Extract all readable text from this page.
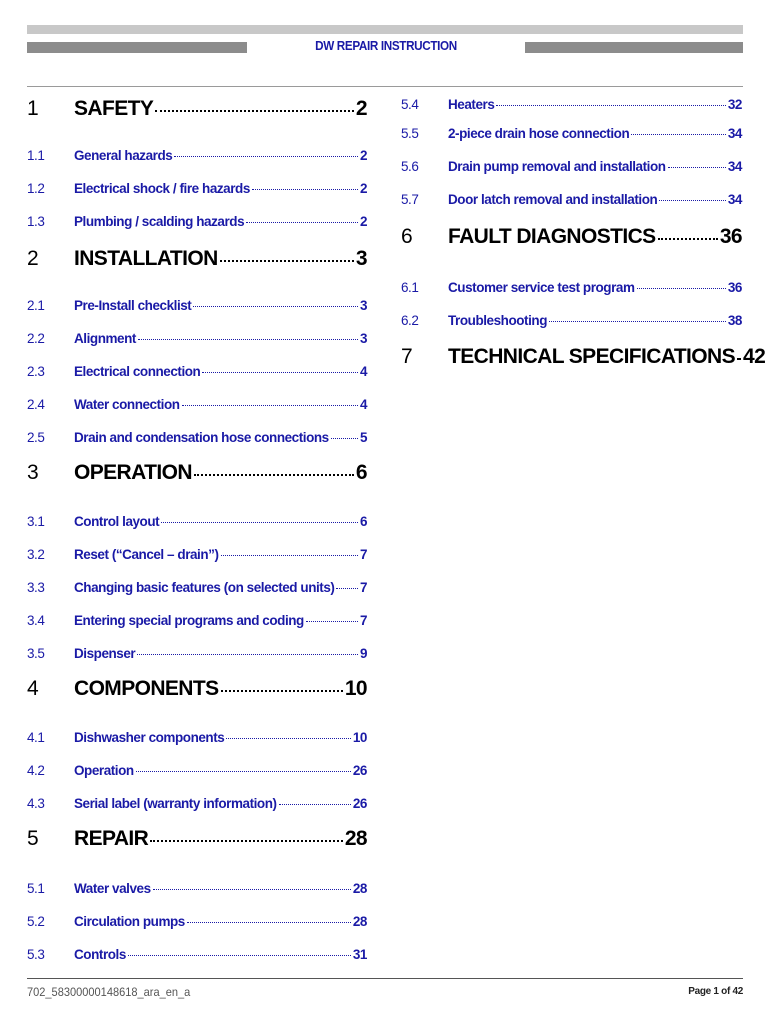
DW REPAIR INSTRUCTION
1	SAFETY	2
1.1	General hazards	2
1.2	Electrical shock / fire hazards	2
1.3	Plumbing / scalding hazards	2
2	INSTALLATION	3
2.1	Pre-Install checklist	3
2.2	Alignment	3
2.3	Electrical connection	4
2.4	Water connection	4
2.5	Drain and condensation hose connections 5
3	OPERATION	6
3.1	Control layout	6
3.2	Reset (“Cancel – drain”)	7
3.3	Changing basic features (on selected units) 7
3.4	Entering special programs and coding	7
3.5	Dispenser	9
4	COMPONENTS	10
4.1	Dishwasher components	10
4.2	Operation	26
4.3	Serial label (warranty information)	26
5	REPAIR	28
5.1	Water valves	28
5.2	Circulation pumps	28
5.3	Controls	31
5.4	Heaters	32
5.5	2-piece drain hose connection	34
5.6	Drain pump removal and installation	34
5.7	Door latch removal and installation	34
6	FAULT DIAGNOSTICS	36
6.1	Customer service test program	36
6.2	Troubleshooting	38
7	TECHNICAL SPECIFICATIONS 42
702_58300000148618_ara_en_a	Page 1 of 42
